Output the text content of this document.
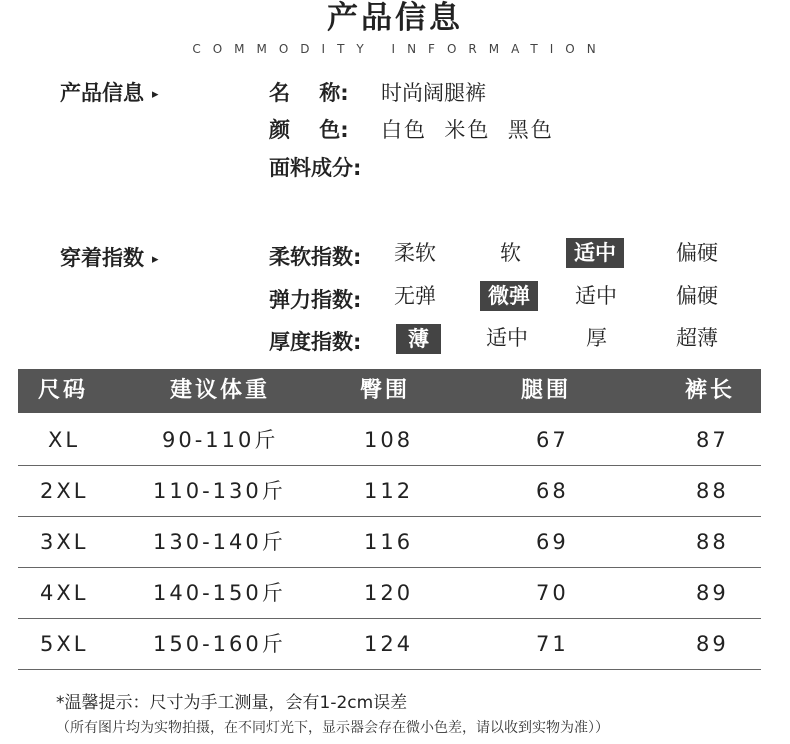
产品信息
COMMODITY INFORMATION
产品信息 ▸	名    称: 时尚阔腿裤
颜    色: 白色  米色  黑色
面料成分:
穿着指数 ▸	柔软指数:	柔软	软	适中	偏硬
弹力指数:	无弹	微弹	适中	偏硬
厚度指数:	薄	适中	厚	超薄
尺码	建议体重	臀围	腿围	裤长
XL	90-110斤	108	67	87
2XL	110-130斤	112	68	88
3XL	130-140斤	116	69	88
4XL	140-150斤	120	70	89
5XL	150-160斤	124	71	89
*温馨提示：尺寸为手工测量，会有1-2cm误差
（所有图片均为实物拍摄，在不同灯光下，显示器会存在微小色差，请以收到实物为准））
